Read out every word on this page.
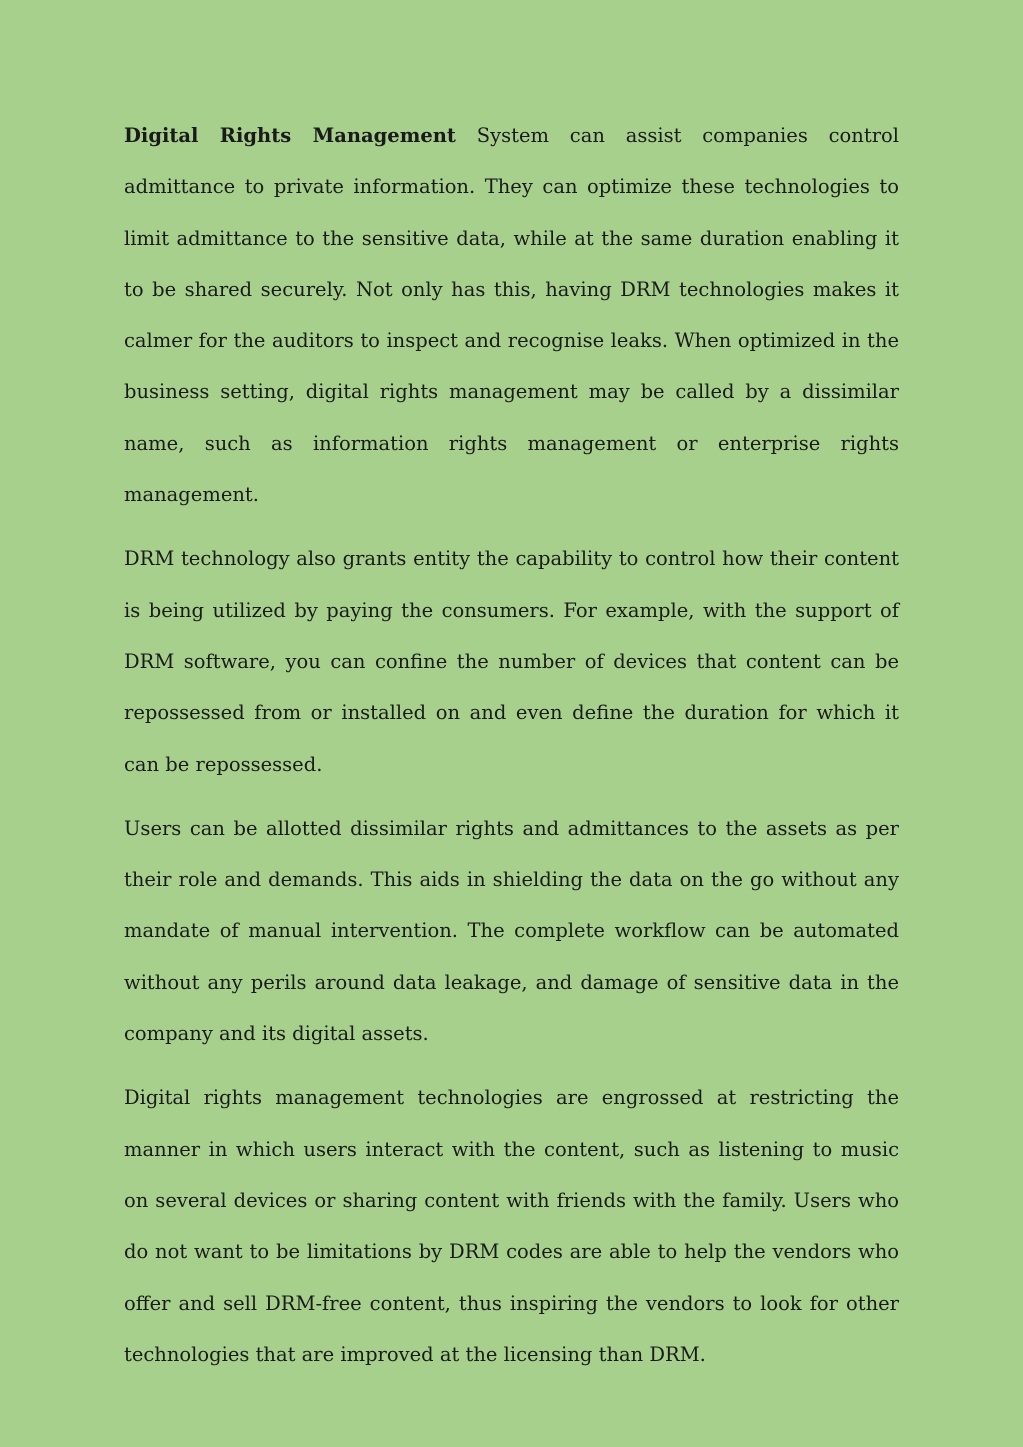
Digital Rights Management System can assist companies control admittance to private information. They can optimize these technologies to limit admittance to the sensitive data, while at the same duration enabling it to be shared securely. Not only has this, having DRM technologies makes it calmer for the auditors to inspect and recognise leaks. When optimized in the business setting, digital rights management may be called by a dissimilar name, such as information rights management or enterprise rights management.

DRM technology also grants entity the capability to control how their content is being utilized by paying the consumers. For example, with the support of DRM software, you can confine the number of devices that content can be repossessed from or installed on and even define the duration for which it can be repossessed.

Users can be allotted dissimilar rights and admittances to the assets as per their role and demands. This aids in shielding the data on the go without any mandate of manual intervention. The complete workflow can be automated without any perils around data leakage, and damage of sensitive data in the company and its digital assets.

Digital rights management technologies are engrossed at restricting the manner in which users interact with the content, such as listening to music on several devices or sharing content with friends with the family. Users who do not want to be limitations by DRM codes are able to help the vendors who offer and sell DRM-free content, thus inspiring the vendors to look for other technologies that are improved at the licensing than DRM.
